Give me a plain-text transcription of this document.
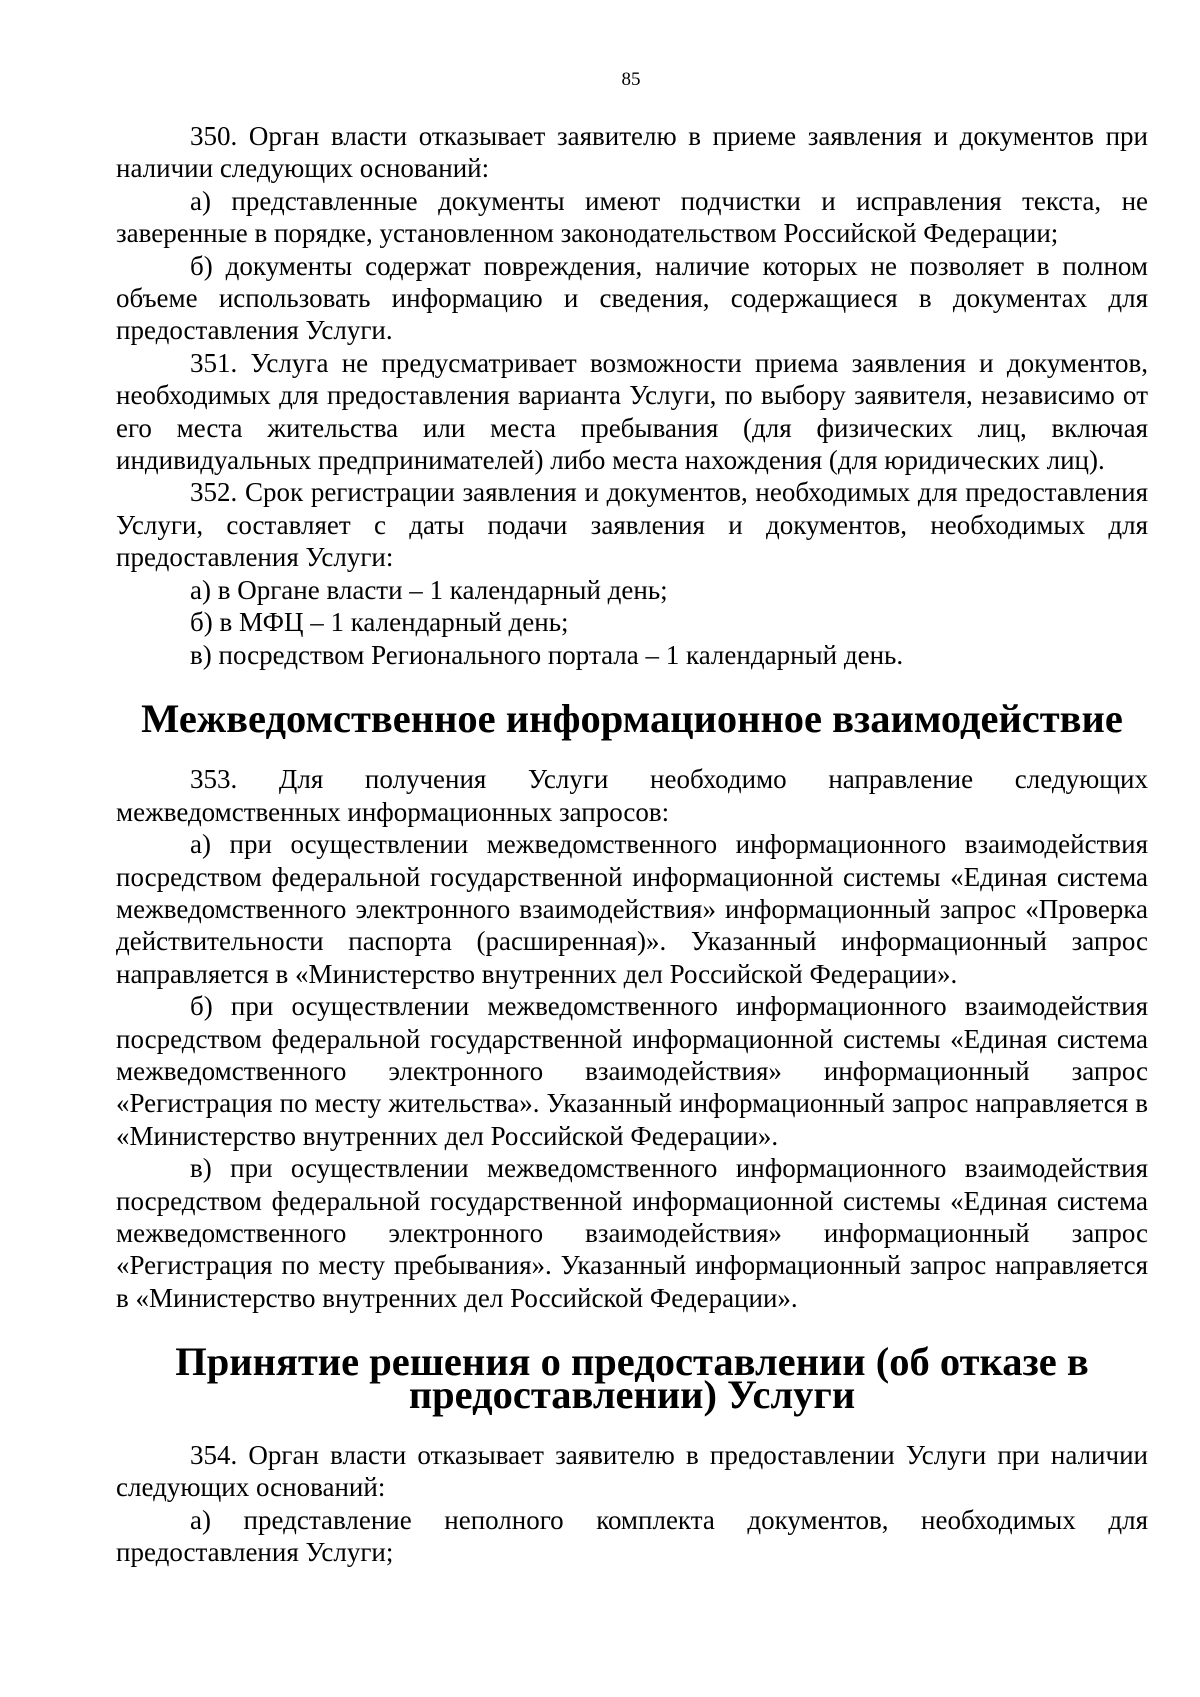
85

350. Орган власти отказывает заявителю в приеме заявления и документов при наличии следующих оснований:

а) представленные документы имеют подчистки и исправления текста, не заверенные в порядке, установленном законодательством Российской Федерации;

б) документы содержат повреждения, наличие которых не позволяет в полном объеме использовать информацию и сведения, содержащиеся в документах для предоставления Услуги.

351. Услуга не предусматривает возможности приема заявления и документов, необходимых для предоставления варианта Услуги, по выбору заявителя, независимо от его места жительства или места пребывания (для физических лиц, включая индивидуальных предпринимателей) либо места нахождения (для юридических лиц).

352. Срок регистрации заявления и документов, необходимых для предоставления Услуги, составляет с даты подачи заявления и документов, необходимых для предоставления Услуги:

а) в Органе власти – 1 календарный день;

б) в МФЦ – 1 календарный день;

в) посредством Регионального портала – 1 календарный день.

Межведомственное информационное взаимодействие

353. Для получения Услуги необходимо направление следующих межведомственных информационных запросов:

а) при осуществлении межведомственного информационного взаимодействия посредством федеральной государственной информационной системы «Единая система межведомственного электронного взаимодействия» информационный запрос «Проверка действительности паспорта (расширенная)». Указанный информационный запрос направляется в «Министерство внутренних дел Российской Федерации».

б) при осуществлении межведомственного информационного взаимодействия посредством федеральной государственной информационной системы «Единая система межведомственного электронного взаимодействия» информационный запрос «Регистрация по месту жительства». Указанный информационный запрос направляется в «Министерство внутренних дел Российской Федерации».

в) при осуществлении межведомственного информационного взаимодействия посредством федеральной государственной информационной системы «Единая система межведомственного электронного взаимодействия» информационный запрос «Регистрация по месту пребывания». Указанный информационный запрос направляется в «Министерство внутренних дел Российской Федерации».

Принятие решения о предоставлении (об отказе в предоставлении) Услуги

354. Орган власти отказывает заявителю в предоставлении Услуги при наличии следующих оснований:

а) представление неполного комплекта документов, необходимых для предоставления Услуги;
